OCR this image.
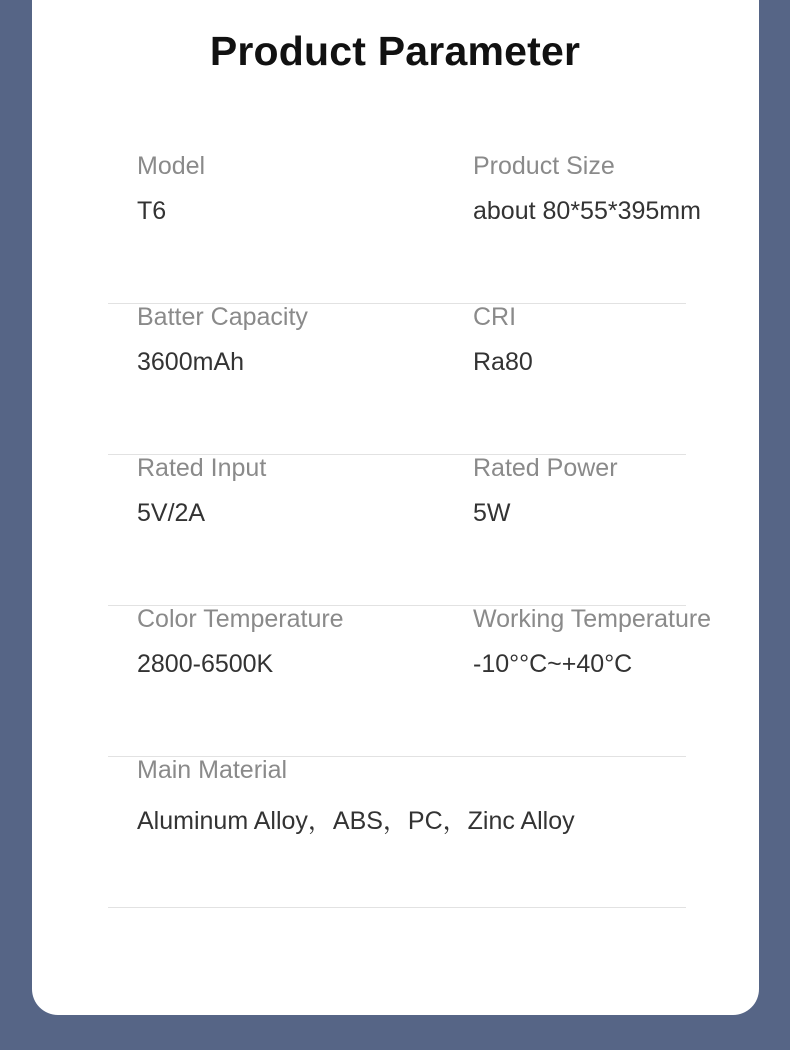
Product Parameter
Model
T6
Product Size
about 80*55*395mm
Batter Capacity
3600mAh
CRI
Ra80
Rated Input
5V/2A
Rated Power
5W
Color Temperature
2800-6500K
Working Temperature
-10°°C~+40°C
Main Material
Aluminum Alloy，ABS，PC，Zinc Alloy
